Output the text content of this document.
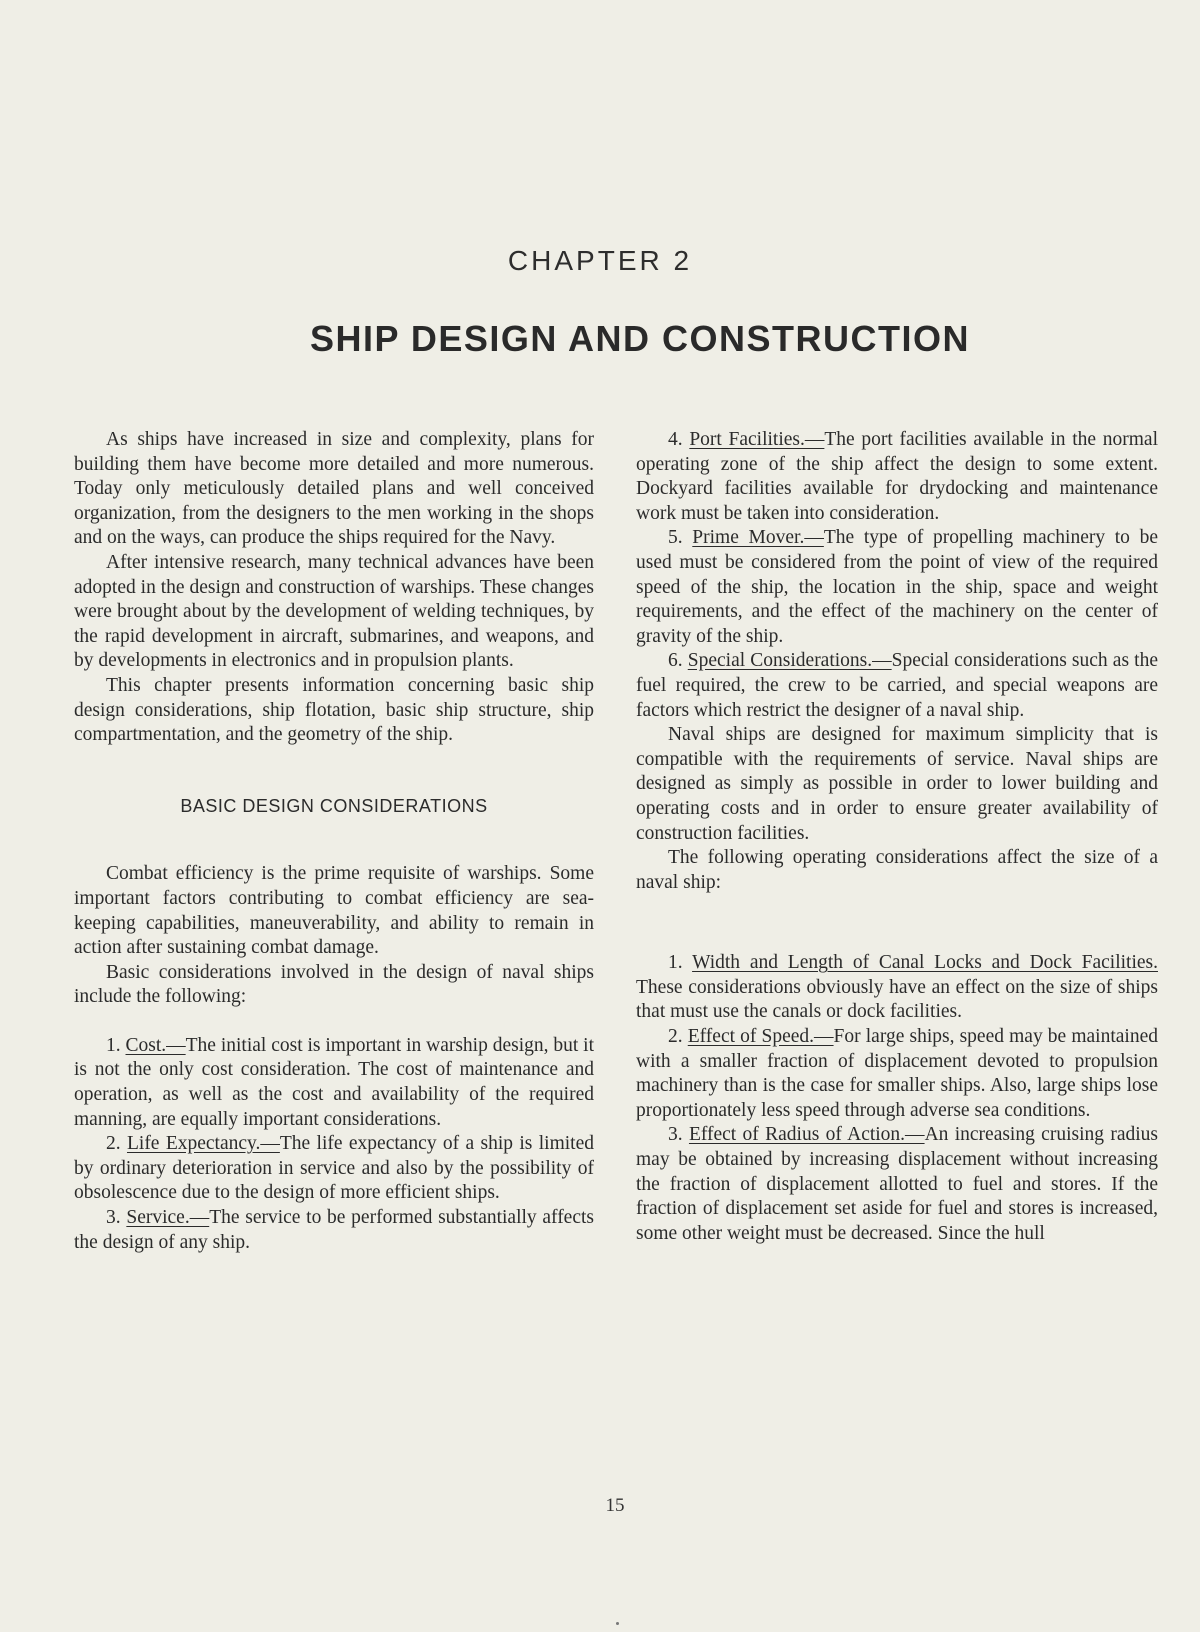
CHAPTER 2
SHIP DESIGN AND CONSTRUCTION

As ships have increased in size and complexity, plans for building them have become more detailed and more numerous. Today only meticulously detailed plans and well conceived organization, from the designers to the men working in the shops and on the ways, can produce the ships required for the Navy.

After intensive research, many technical advances have been adopted in the design and construction of warships. These changes were brought about by the development of welding techniques, by the rapid development in aircraft, submarines, and weapons, and by developments in electronics and in propulsion plants.

This chapter presents information concerning basic ship design considerations, ship flotation, basic ship structure, ship compartmentation, and the geometry of the ship.

BASIC DESIGN CONSIDERATIONS

Combat efficiency is the prime requisite of warships. Some important factors contributing to combat efficiency are sea-keeping capabilities, maneuverability, and ability to remain in action after sustaining combat damage.

Basic considerations involved in the design of naval ships include the following:

1. Cost.—The initial cost is important in warship design, but it is not the only cost consideration. The cost of maintenance and operation, as well as the cost and availability of the required manning, are equally important considerations.

2. Life Expectancy.—The life expectancy of a ship is limited by ordinary deterioration in service and also by the possibility of obsolescence due to the design of more efficient ships.

3. Service.—The service to be performed substantially affects the design of any ship.

4. Port Facilities.—The port facilities available in the normal operating zone of the ship affect the design to some extent. Dockyard facilities available for drydocking and maintenance work must be taken into consideration.

5. Prime Mover.—The type of propelling machinery to be used must be considered from the point of view of the required speed of the ship, the location in the ship, space and weight requirements, and the effect of the machinery on the center of gravity of the ship.

6. Special Considerations.—Special considerations such as the fuel required, the crew to be carried, and special weapons are factors which restrict the designer of a naval ship.

Naval ships are designed for maximum simplicity that is compatible with the requirements of service. Naval ships are designed as simply as possible in order to lower building and operating costs and in order to ensure greater availability of construction facilities.

The following operating considerations affect the size of a naval ship:

1. Width and Length of Canal Locks and Dock Facilities. These considerations obviously have an effect on the size of ships that must use the canals or dock facilities.

2. Effect of Speed.—For large ships, speed may be maintained with a smaller fraction of displacement devoted to propulsion machinery than is the case for smaller ships. Also, large ships lose proportionately less speed through adverse sea conditions.

3. Effect of Radius of Action.—An increasing cruising radius may be obtained by increasing displacement without increasing the fraction of displacement allotted to fuel and stores. If the fraction of displacement set aside for fuel and stores is increased, some other weight must be decreased. Since the hull

15
